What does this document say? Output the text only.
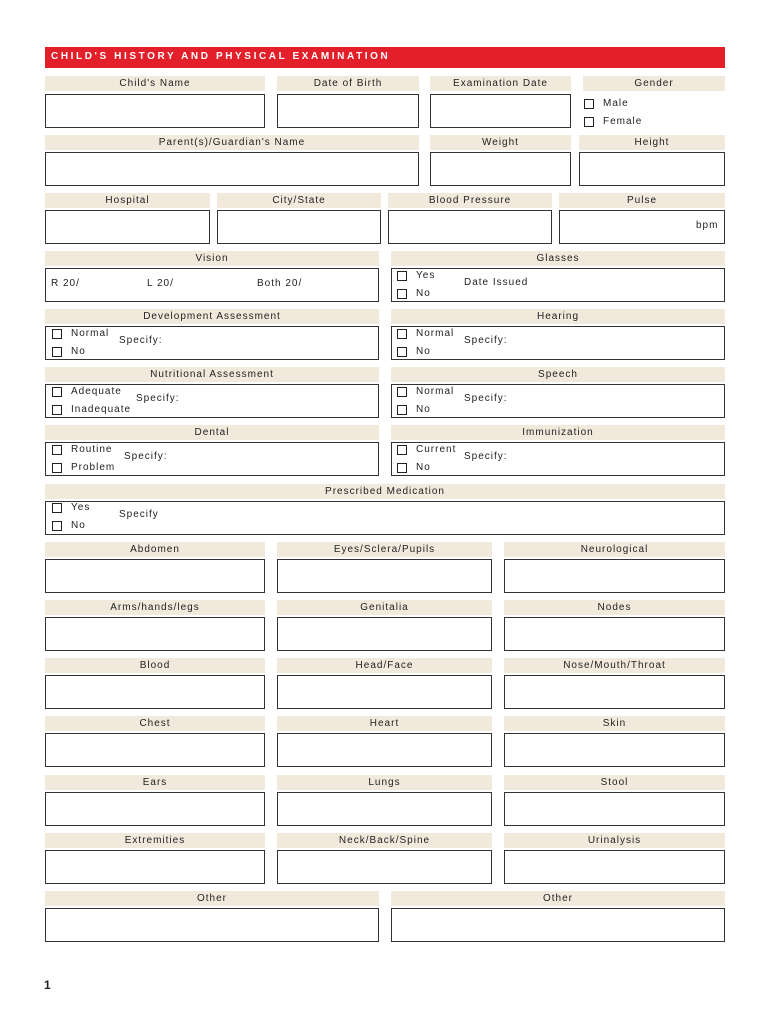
CHILD'S HISTORY AND PHYSICAL EXAMINATION
Child's Name	Date of Birth	Examination Date	Gender
Male
Female
Parent(s)/Guardian's Name	Weight	Height
Hospital	City/State	Blood Pressure	Pulse
bpm
Vision	Glasses
R 20/	L 20/	Both 20/
Yes
No
Date Issued
Development Assessment	Hearing
Normal
No
Specify:
Normal
No
Specify:
Nutritional Assessment	Speech
Adequate
Inadequate
Specify:
Normal
No
Specify:
Dental	Immunization
Routine
Problem
Specify:
Current
No
Specify:
Prescribed Medication
Yes
No
Specify
Abdomen	Eyes/Sclera/Pupils	Neurological
Arms/hands/legs	Genitalia	Nodes
Blood	Head/Face	Nose/Mouth/Throat
Chest	Heart	Skin
Ears	Lungs	Stool
Extremities	Neck/Back/Spine	Urinalysis
Other	Other
1
